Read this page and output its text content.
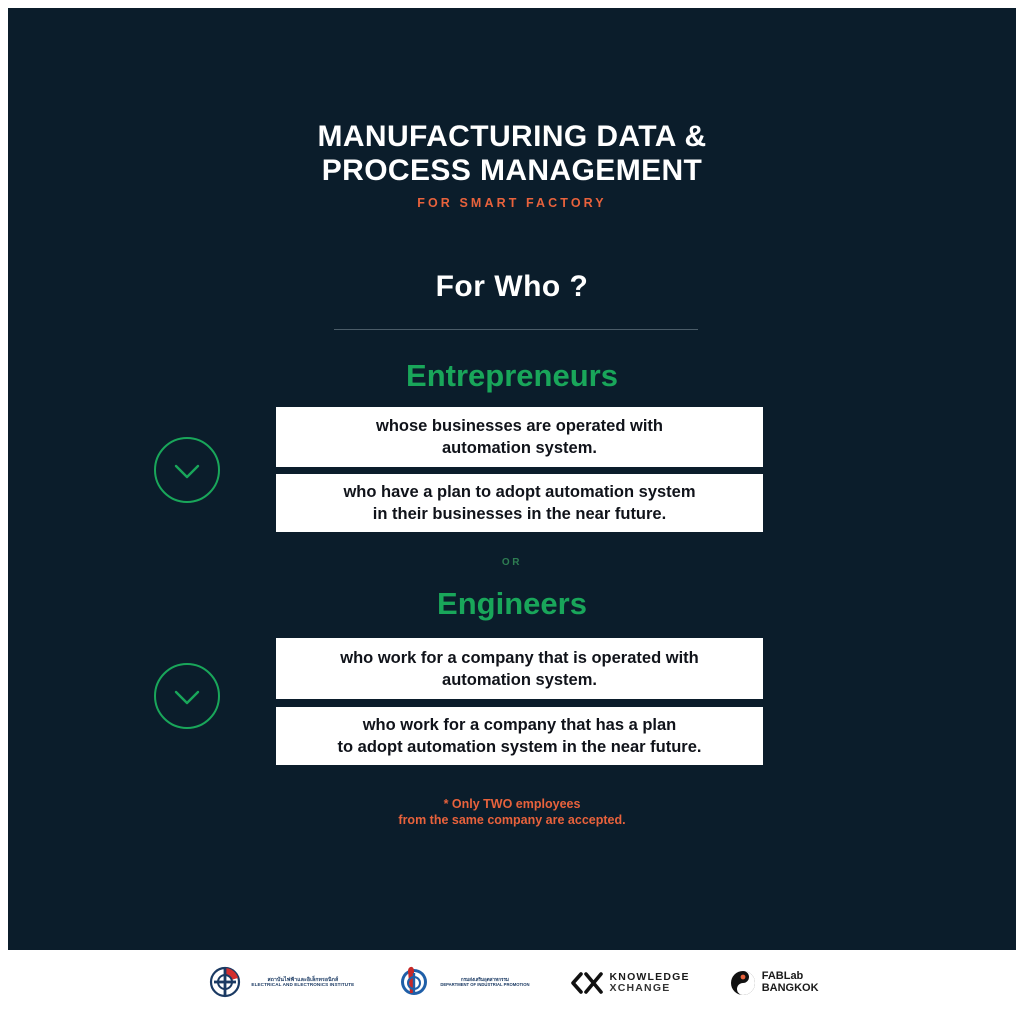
MANUFACTURING DATA &
PROCESS MANAGEMENT
FOR SMART FACTORY
For Who ?
Entrepreneurs
whose businesses are operated with
automation system.
who have a plan to adopt automation system
in their businesses in the near future.
OR
Engineers
who work for a company that is operated with
automation system.
who work for a company that has a plan
to adopt automation system in the near future.
* Only TWO employees
from the same company are accepted.
สถาบันไฟฟ้าและอิเล็กทรอนิกส์
ELECTRICAL AND ELECTRONICS INSTITUTE
กรมส่งเสริมอุตสาหกรรม
DEPARTMENT OF INDUSTRIAL PROMOTION
KNOWLEDGE
XCHANGE
FABLab
BANGKOK
